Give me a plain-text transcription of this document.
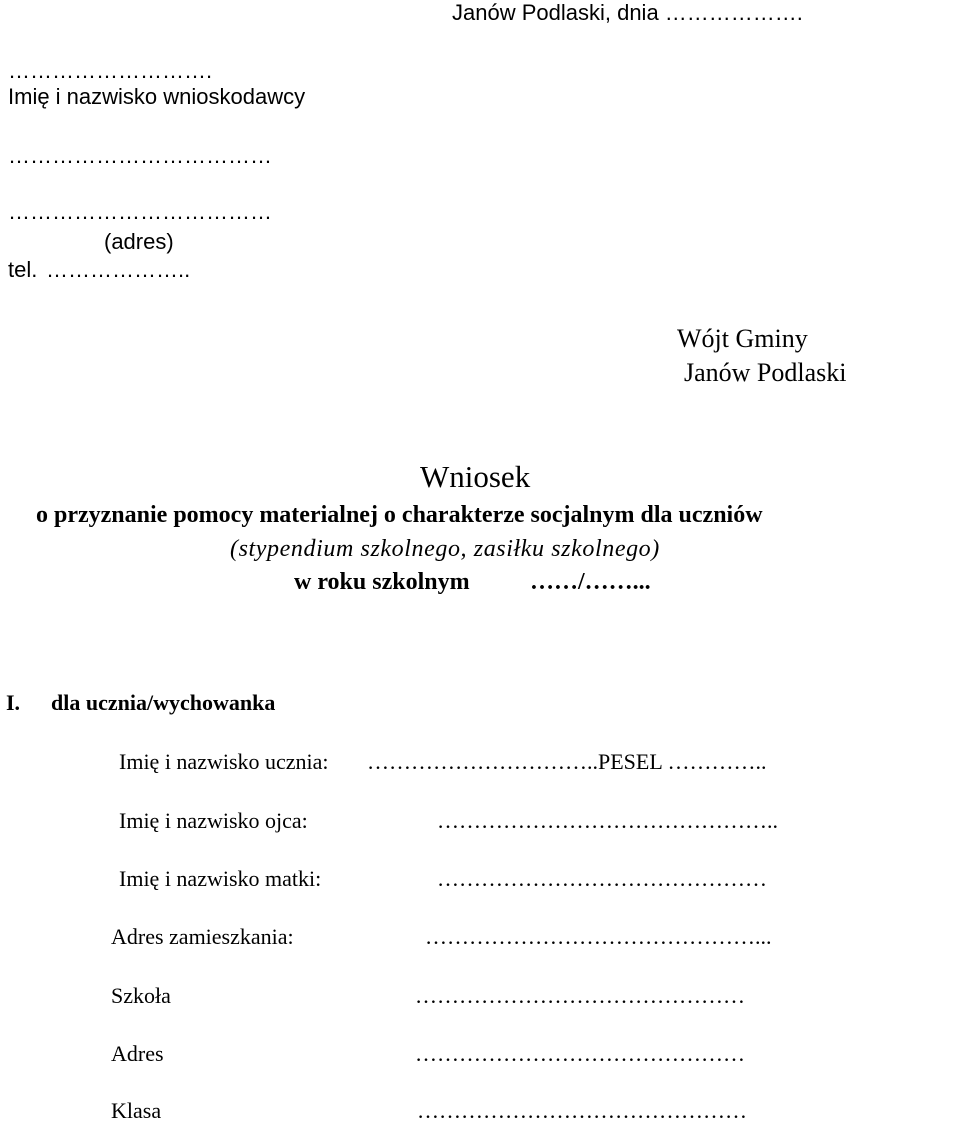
Janów Podlaski, dnia ……………….
……………………….
Imię i nazwisko wnioskodawcy
………………………………
………………………………
(adres)
tel. ………………..
Wójt Gminy
Janów Podlaski
Wniosek
o przyznanie pomocy materialnej o charakterze socjalnym dla uczniów
(stypendium szkolnego, zasiłku szkolnego)
w roku szkolnym	……/……...
I. dla ucznia/wychowanka
Imię i nazwisko ucznia: …………………………..PESEL …………..
Imię i nazwisko ojca:	………………………………………..
Imię i nazwisko matki:	………………………………………
Adres zamieszkania:	………………………………………...
Szkoła	………………………………………
Adres	………………………………………
Klasa	………………………………………
